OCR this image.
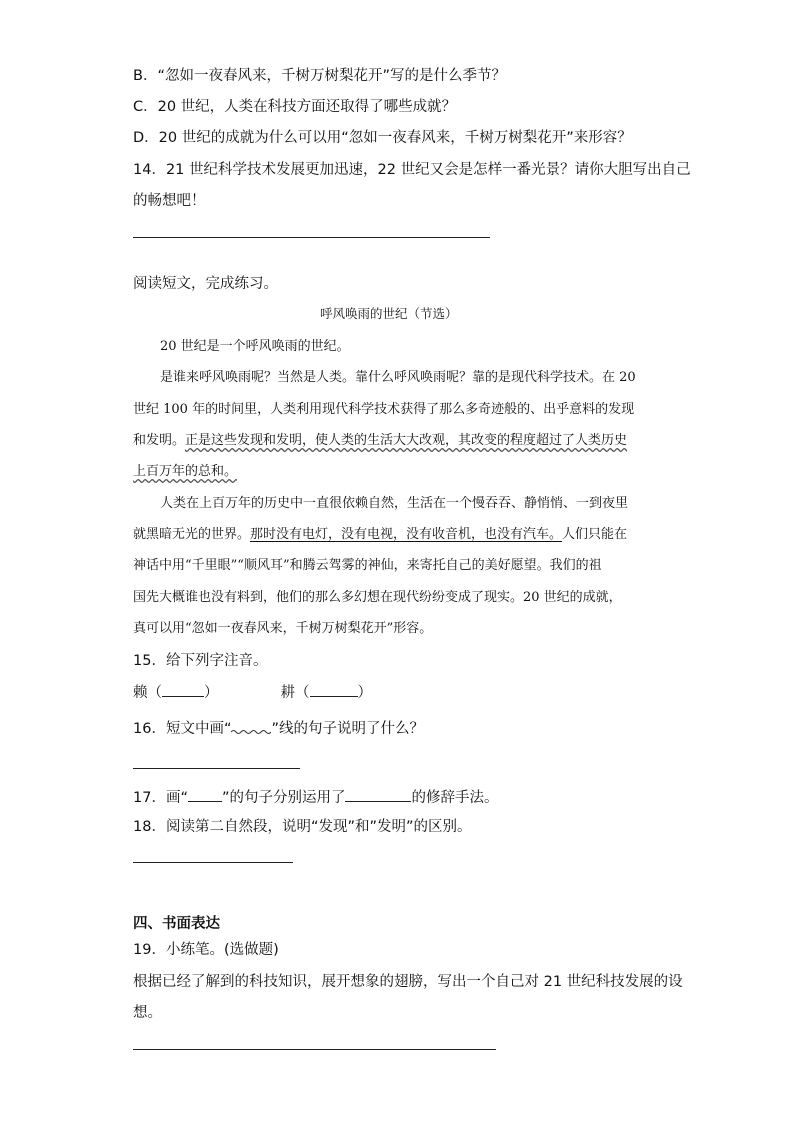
B．“忽如一夜春风来，千树万树梨花开”写的是什么季节？
C．20 世纪，人类在科技方面还取得了哪些成就？
D．20 世纪的成就为什么可以用“忽如一夜春风来，千树万树梨花开”来形容？
14．21 世纪科学技术发展更加迅速，22 世纪又会是怎样一番光景？请你大胆写出自己
的畅想吧！
阅读短文，完成练习。
呼风唤雨的世纪（节选）
20 世纪是一个呼风唤雨的世纪。
是谁来呼风唤雨呢？当然是人类。靠什么呼风唤雨呢？靠的是现代科学技术。在 20
世纪 100 年的时间里，人类利用现代科学技术获得了那么多奇迹般的、出乎意料的发现
和发明。正是这些发现和发明，使人类的生活大大改观，其改变的程度超过了人类历史
上百万年的总和。
人类在上百万年的历史中一直很依赖自然，生活在一个慢吞吞、静悄悄、一到夜里
就黑暗无光的世界。那时没有电灯，没有电视，没有收音机，也没有汽车。人们只能在
神话中用“千里眼”“顺风耳”和腾云驾雾的神仙，来寄托自己的美好愿望。我们的祖
国先大概谁也没有料到，他们的那么多幻想在现代纷纷变成了现实。20 世纪的成就，
真可以用“忽如一夜春风来，千树万树梨花开”形容。
15．给下列字注音。
赖（	）	耕（	）
16．短文中画“	”线的句子说明了什么？
17．画“ ”的句子分别运用了	的修辞手法。
18．阅读第二自然段，说明“发现”和”发明”的区别。
四、书面表达
19．小练笔。(选做题)
根据已经了解到的科技知识，展开想象的翅膀，写出一个自己对 21 世纪科技发展的设
想。
